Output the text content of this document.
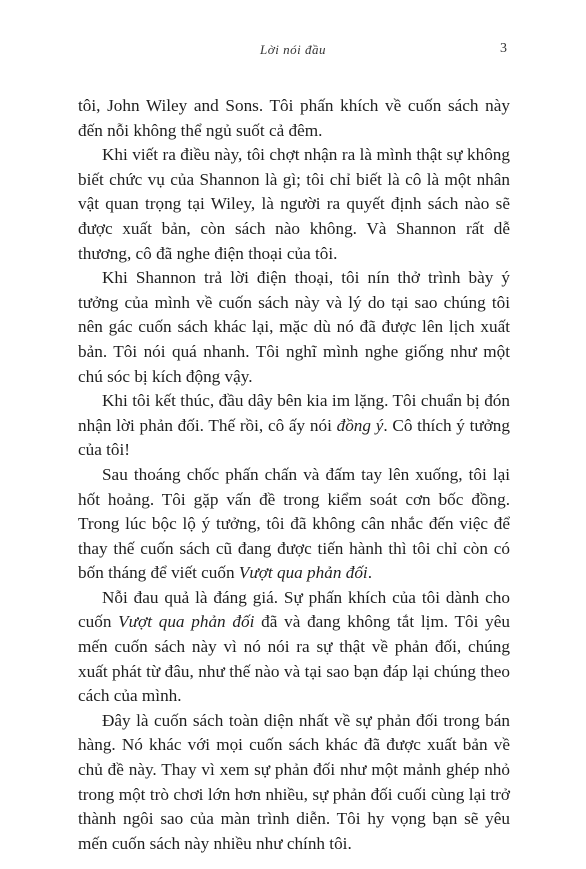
Lời nói đầu	3

tôi, John Wiley and Sons. Tôi phấn khích về cuốn sách này đến nỗi không thể ngủ suốt cả đêm.

Khi viết ra điều này, tôi chợt nhận ra là mình thật sự không biết chức vụ của Shannon là gì; tôi chỉ biết là cô là một nhân vật quan trọng tại Wiley, là người ra quyết định sách nào sẽ được xuất bản, còn sách nào không. Và Shannon rất dễ thương, cô đã nghe điện thoại của tôi.

Khi Shannon trả lời điện thoại, tôi nín thở trình bày ý tưởng của mình về cuốn sách này và lý do tại sao chúng tôi nên gác cuốn sách khác lại, mặc dù nó đã được lên lịch xuất bản. Tôi nói quá nhanh. Tôi nghĩ mình nghe giống như một chú sóc bị kích động vậy.

Khi tôi kết thúc, đầu dây bên kia im lặng. Tôi chuẩn bị đón nhận lời phản đối. Thế rồi, cô ấy nói đồng ý. Cô thích ý tưởng của tôi!

Sau thoáng chốc phấn chấn và đấm tay lên xuống, tôi lại hốt hoảng. Tôi gặp vấn đề trong kiểm soát cơn bốc đồng. Trong lúc bộc lộ ý tưởng, tôi đã không cân nhắc đến việc để thay thế cuốn sách cũ đang được tiến hành thì tôi chỉ còn có bốn tháng để viết cuốn Vượt qua phản đối.

Nỗi đau quả là đáng giá. Sự phấn khích của tôi dành cho cuốn Vượt qua phản đối đã và đang không tắt lịm. Tôi yêu mến cuốn sách này vì nó nói ra sự thật về phản đối, chúng xuất phát từ đâu, như thế nào và tại sao bạn đáp lại chúng theo cách của mình.

Đây là cuốn sách toàn diện nhất về sự phản đối trong bán hàng. Nó khác với mọi cuốn sách khác đã được xuất bản về chủ đề này. Thay vì xem sự phản đối như một mảnh ghép nhỏ trong một trò chơi lớn hơn nhiều, sự phản đối cuối cùng lại trở thành ngôi sao của màn trình diễn. Tôi hy vọng bạn sẽ yêu mến cuốn sách này nhiều như chính tôi.
